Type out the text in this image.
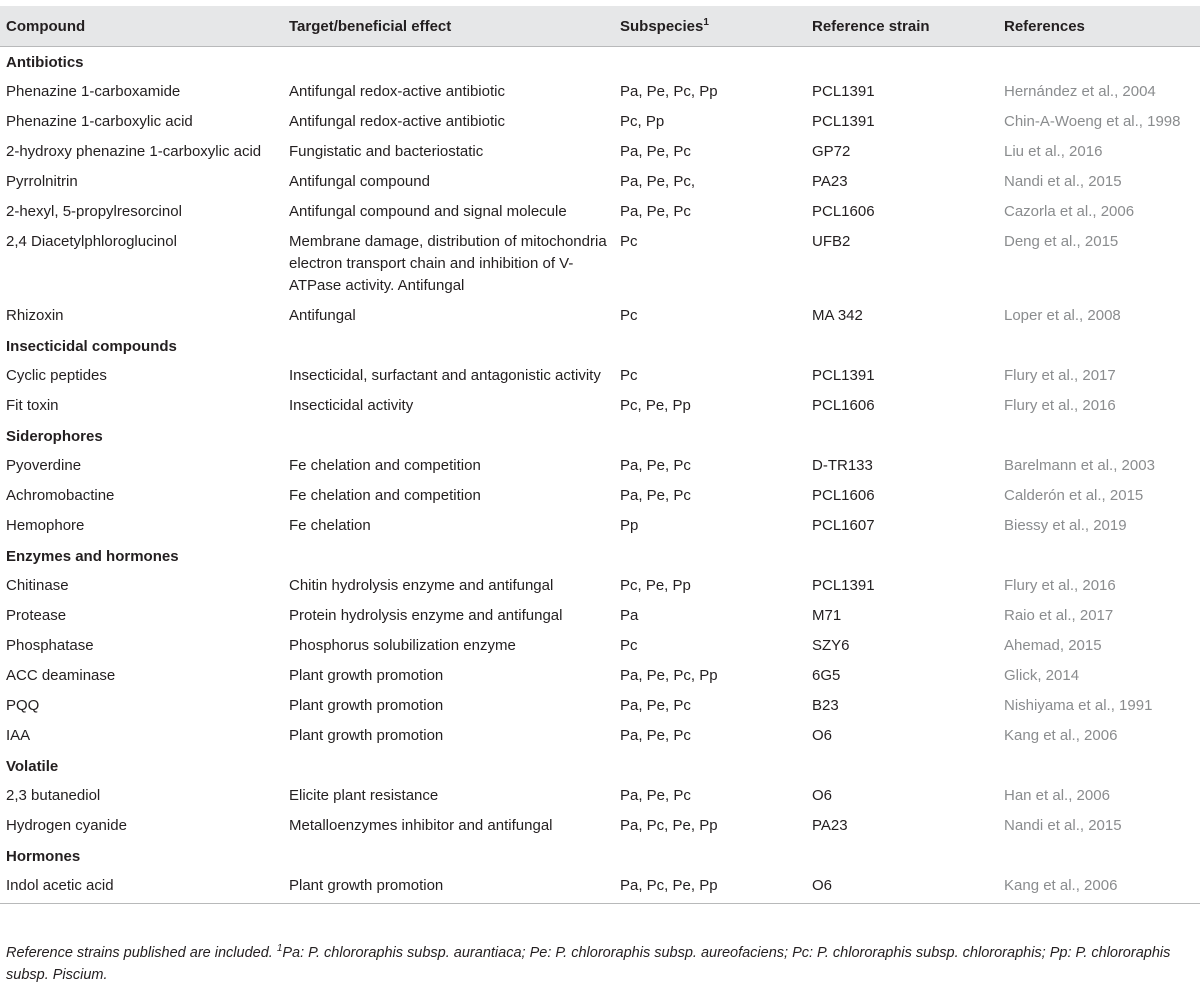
Compound	Target/beneficial effect	Subspecies$^1$	Reference strain	References
Antibiotics				
Phenazine 1-carboxamide	Antifungal redox-active antibiotic	Pa, Pe, Pc, Pp	PCL1391	Hernández et al., 2004
Phenazine 1-carboxylic acid	Antifungal redox-active antibiotic	Pc, Pp	PCL1391	Chin-A-Woeng et al., 1998
2-hydroxy phenazine 1-carboxylic acid	Fungistatic and bacteriostatic	Pa, Pe, Pc	GP72	Liu et al., 2016
Pyrrolnitrin	Antifungal compound	Pa, Pe, Pc,	PA23	Nandi et al., 2015
2-hexyl, 5-propylresorcinol	Antifungal compound and signal molecule	Pa, Pe, Pc	PCL1606	Cazorla et al., 2006
2,4 Diacetylphloroglucinol	Membrane damage, distribution of mitochondria electron transport chain and inhibition of V-ATPase activity. Antifungal	Pc	UFB2	Deng et al., 2015
Rhizoxin	Antifungal	Pc	MA 342	Loper et al., 2008
Insecticidal compounds				
Cyclic peptides	Insecticidal, surfactant and antagonistic activity	Pc	PCL1391	Flury et al., 2017
Fit toxin	Insecticidal activity	Pc, Pe, Pp	PCL1606	Flury et al., 2016
Siderophores				
Pyoverdine	Fe chelation and competition	Pa, Pe, Pc	D-TR133	Barelmann et al., 2003
Achromobactine	Fe chelation and competition	Pa, Pe, Pc	PCL1606	Calderón et al., 2015
Hemophore	Fe chelation	Pp	PCL1607	Biessy et al., 2019
Enzymes and hormones				
Chitinase	Chitin hydrolysis enzyme and antifungal	Pc, Pe, Pp	PCL1391	Flury et al., 2016
Protease	Protein hydrolysis enzyme and antifungal	Pa	M71	Raio et al., 2017
Phosphatase	Phosphorus solubilization enzyme	Pc	SZY6	Ahemad, 2015
ACC deaminase	Plant growth promotion	Pa, Pe, Pc, Pp	6G5	Glick, 2014
PQQ	Plant growth promotion	Pa, Pe, Pc	B23	Nishiyama et al., 1991
IAA	Plant growth promotion	Pa, Pe, Pc	O6	Kang et al., 2006
Volatile				
2,3 butanediol	Elicite plant resistance	Pa, Pe, Pc	O6	Han et al., 2006
Hydrogen cyanide	Metalloenzymes inhibitor and antifungal	Pa, Pc, Pe, Pp	PA23	Nandi et al., 2015
Hormones				
Indol acetic acid	Plant growth promotion	Pa, Pc, Pe, Pp	O6	Kang et al., 2006
Reference strains published are included. $^1$Pa: P. chlororaphis subsp. aurantiaca; Pe: P. chlororaphis subsp. aureofaciens; Pc: P. chlororaphis subsp. chlororaphis; Pp: P. chlororaphis subsp. Piscium.
